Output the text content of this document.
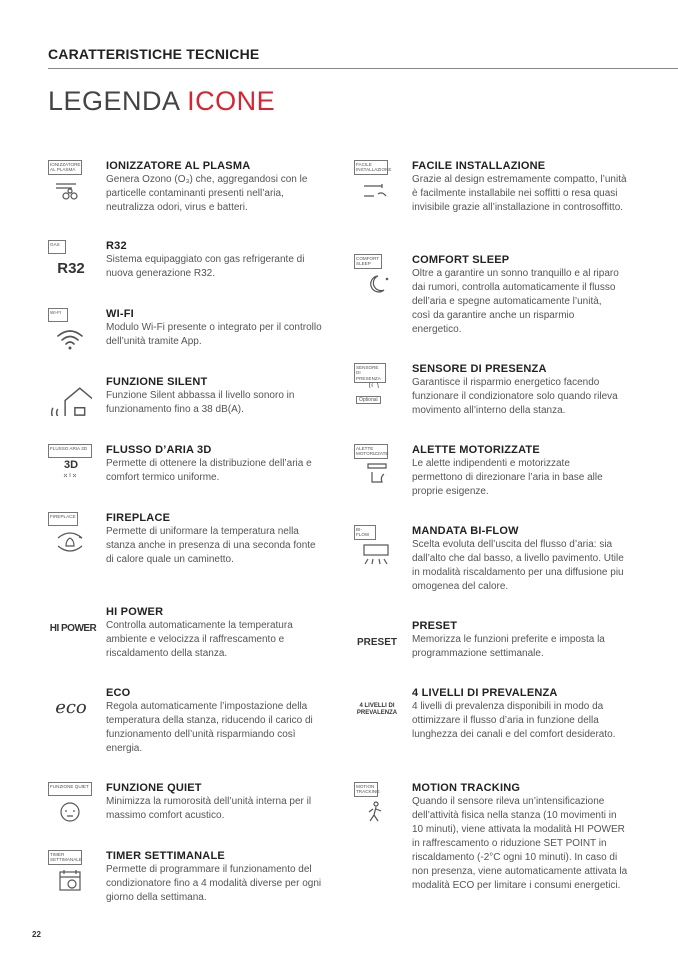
CARATTERISTICHE TECNICHE
LEGENDA ICONE
IONIZZATORE AL PLASMA	IONIZZATORE AL PLASMA
Genera Ozono (O₃) che, aggregandosi con le particelle contaminanti presenti nell’aria, neutralizza odori, virus e batteri.
GAS
R32
R32
Sistema equipaggiato con gas refrigerante di nuova generazione R32.
WI-FI	WI-FI
Modulo Wi-Fi presente o integrato per il controllo dell’unità tramite App.
FUNZIONE SILENT
Funzione Silent abbassa il livello sonoro in funzionamento fino a 38 dB(A).
FLUSSO ARIA 3D
3D
FLUSSO D’ARIA 3D
Permette di ottenere la distribuzione dell’aria e comfort termico uniforme.
FIREPLACE	FIREPLACE
Permette di uniformare la temperatura nella stanza anche in presenza di una seconda fonte di calore quale un caminetto.
HI POWER
HI POWER
Controlla automaticamente la temperatura ambiente e velocizza il raffrescamento e riscaldamento della stanza.
eco
ECO
Regola automaticamente l’impostazione della temperatura della stanza, riducendo il carico di funzionamento dell’unità risparmiando così energia.
FUNZIONE QUIET FUNZIONE QUIET
Minimizza la rumorosità dell’unità interna per il massimo comfort acustico.
TIMER SETTIMANALE TIMER SETTIMANALE
Permette di programmare il funzionamento del condizionatore fino a 4 modalità diverse per ogni giorno della settimana.
FACILE INSTALLAZIONE FACILE INSTALLAZIONE
Grazie al design estremamente compatto, l’unità è facilmente installabile nei soffitti o resa quasi invisibile grazie all’installazione in controsoffitto.
COMFORT SLEEP	COMFORT SLEEP
Oltre a garantire un sonno tranquillo e al riparo dai rumori, controlla automaticamente il flusso dell’aria e spegne automaticamente l’unità, così da garantire anche un risparmio energetico.
SENSORE DI PRESENZA
Optional
SENSORE DI PRESENZA
Garantisce il risparmio energetico facendo funzionare il condizionatore solo quando rileva movimento all’interno della stanza.
ALETTE MOTORIZZATE ALETTE MOTORIZZATE
Le alette indipendenti e motorizzate permettono di direzionare l’aria in base alle proprie esigenze.
BI-FLOW	MANDATA BI-FLOW
Scelta evoluta dell’uscita del flusso d’aria: sia dall’alto che dal basso, a livello pavimento. Utile in modalità riscaldamento per una diffusione piu omogenea del calore.
PRESET
PRESET
Memorizza le funzioni preferite e imposta la programmazione settimanale.
4 LIVELLI DI PREVALENZA
4 LIVELLI DI PREVALENZA
4 livelli di prevalenza disponibili in modo da ottimizzare il flusso d’aria in funzione della lunghezza dei canali e del comfort desiderato.
MOTION TRACKING	MOTION TRACKING
Quando il sensore rileva un’intensificazione dell’attività fisica nella stanza (10 movimenti in 10 minuti), viene attivata la modalità HI POWER in raffrescamento o riduzione SET POINT in riscaldamento (-2°C ogni 10 minuti). In caso di non presenza, viene automaticamente attivata la modalità ECO per limitare i consumi energetici.
22
